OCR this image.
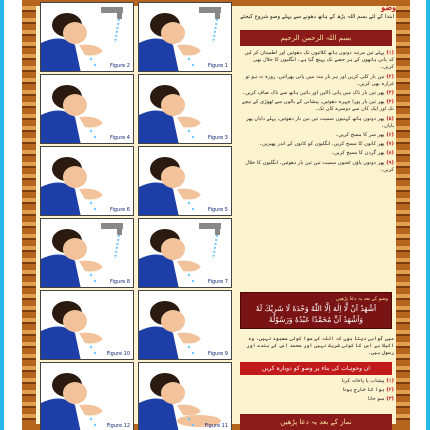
Figure 2	Figure 1
Figure 4	Figure 3
Figure 6	Figure 5
Figure 8	Figure 7
Figure 10	Figure 9
Figure 12	Figure 11
وضو
ابتدا کے لئے بسم اللہ پڑھ کے ہاتھ دھونے سے پہلے وضو شروع کیجئے
بسم اللہ الرحمن الرحیم
(۱) پہلے تین مرتبہ دونوں ہاتھ کلائیوں تک دھوئیں اور اطمینان کر لیں کہ پانی ہاتھوں کے ہر حصے تک پہنچ گیا ہے۔ انگلیوں کا خلال بھی کریں۔
(۲) تین بار کلی کریں اور ہر بار منہ میں پانی پھرائیں، روزہ نہ ہو تو غرارہ بھی کریں۔
(۳) پھر تین بار ناک میں پانی ڈالیں اور بائیں ہاتھ سے ناک صاف کریں۔
(۴) پھر تین بار پورا چہرہ دھوئیں، پیشانی کے بالوں سے ٹھوڑی کے نیچے تک اور ایک کان سے دوسرے کان تک۔
(۵) پھر دونوں ہاتھ کہنیوں سمیت تین تین بار دھوئیں، پہلے دایاں پھر بایاں۔
(۶) پھر سر کا مسح کریں۔
(۷) پھر کانوں کا مسح کریں، انگلیوں کو کانوں کے اندر پھیریں۔
(۸) پھر گردن کا مسح کریں۔
(۹) پھر دونوں پاؤں ٹخنوں سمیت تین تین بار دھوئیں، انگلیوں کا خلال کریں۔
وضو کے بعد یہ دعا پڑھیں
اَشْهَدُ اَنْ لَّا اِلٰهَ اِلَّا اللّٰهُ وَحْدَهٗ لَا شَرِيْكَ لَهٗ
وَاَشْهَدُ اَنَّ مُحَمَّدًا عَبْدُهٗ وَرَسُوْلُهٗ
میں گواہی دیتا ہوں کہ اللہ کے سوا کوئی معبود نہیں، وہ اکیلا ہے اس کا کوئی شریک نہیں اور محمد اس کے بندے اور رسول ہیں۔
ان وجوہات کی بناء پر وضو کو دوبارہ کریں
(۱) پیشاب یا پاخانہ کرنا
(۲) ہوا کا خارج ہونا
(۳) سو جانا
نماز کے بعد یہ دعا پڑھیں
